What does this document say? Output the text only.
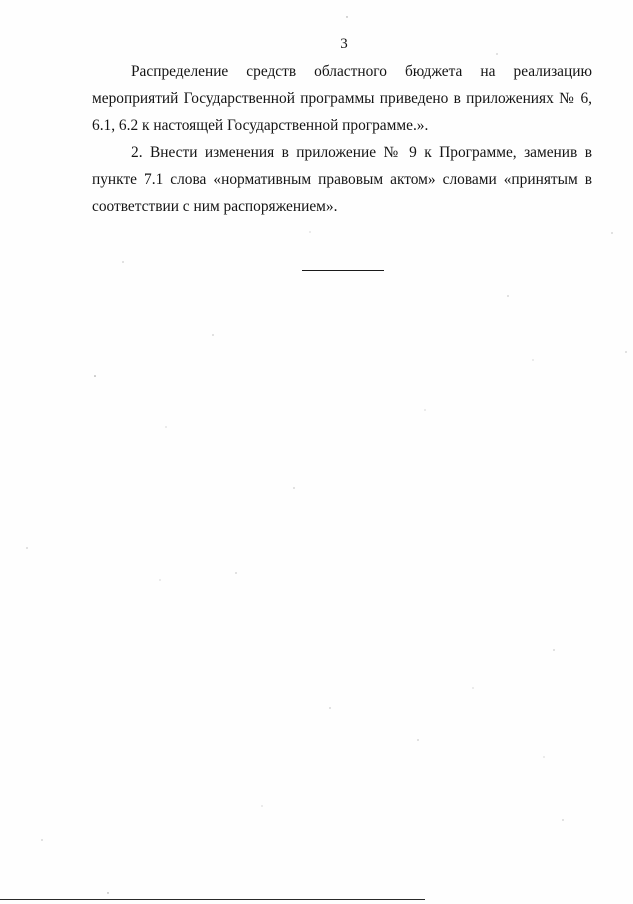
3

Распределение средств областного бюджета на реализацию мероприятий Государственной программы приведено в приложениях № 6, 6.1, 6.2 к настоящей Государственной программе.».

2. Внести изменения в приложение № 9 к Программе, заменив в пункте 7.1 слова «нормативным правовым актом» словами «принятым в соответствии с ним распоряжением».
